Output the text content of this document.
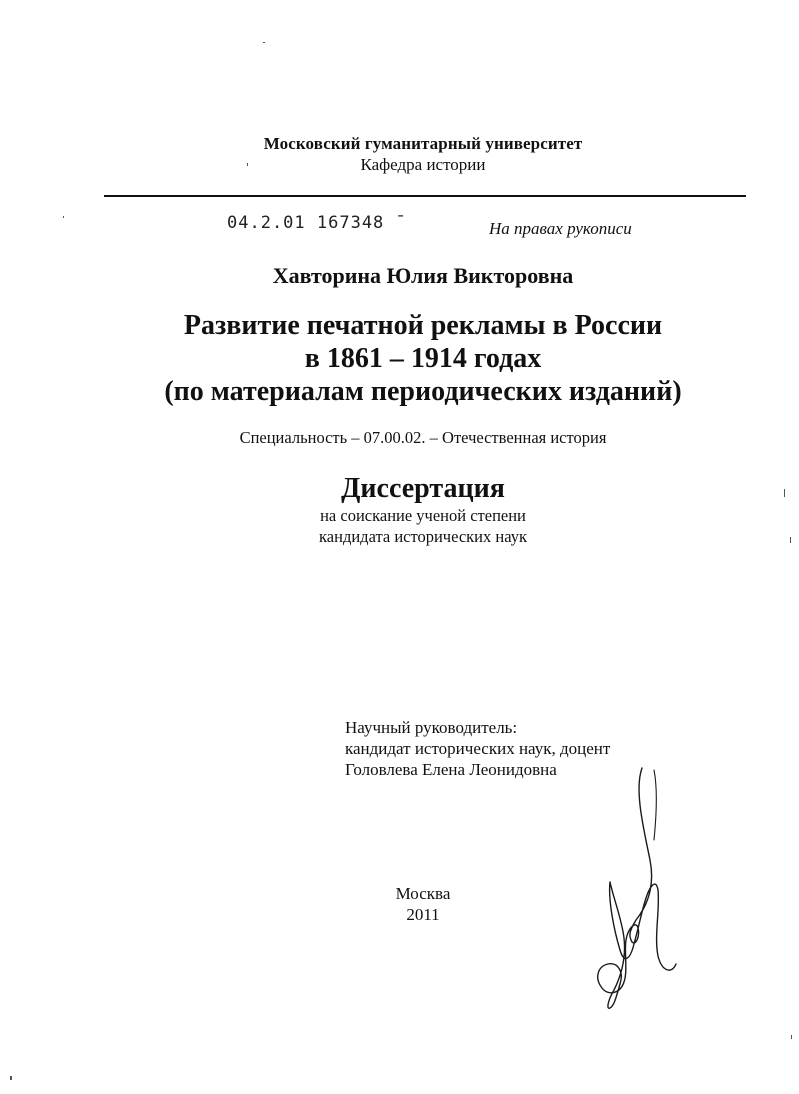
Московский гуманитарный университет
Кафедра истории
04.2.01 167348 ˉ	На правах рукописи
Хавторина Юлия Викторовна
Развитие печатной рекламы в России
в 1861 – 1914 годах
(по материалам периодических изданий)
Специальность – 07.00.02. – Отечественная история
Диссертация
на соискание ученой степени
кандидата исторических наук
Научный руководитель:
кандидат исторических наук, доцент
Головлева Елена Леонидовна
Москва
2011
